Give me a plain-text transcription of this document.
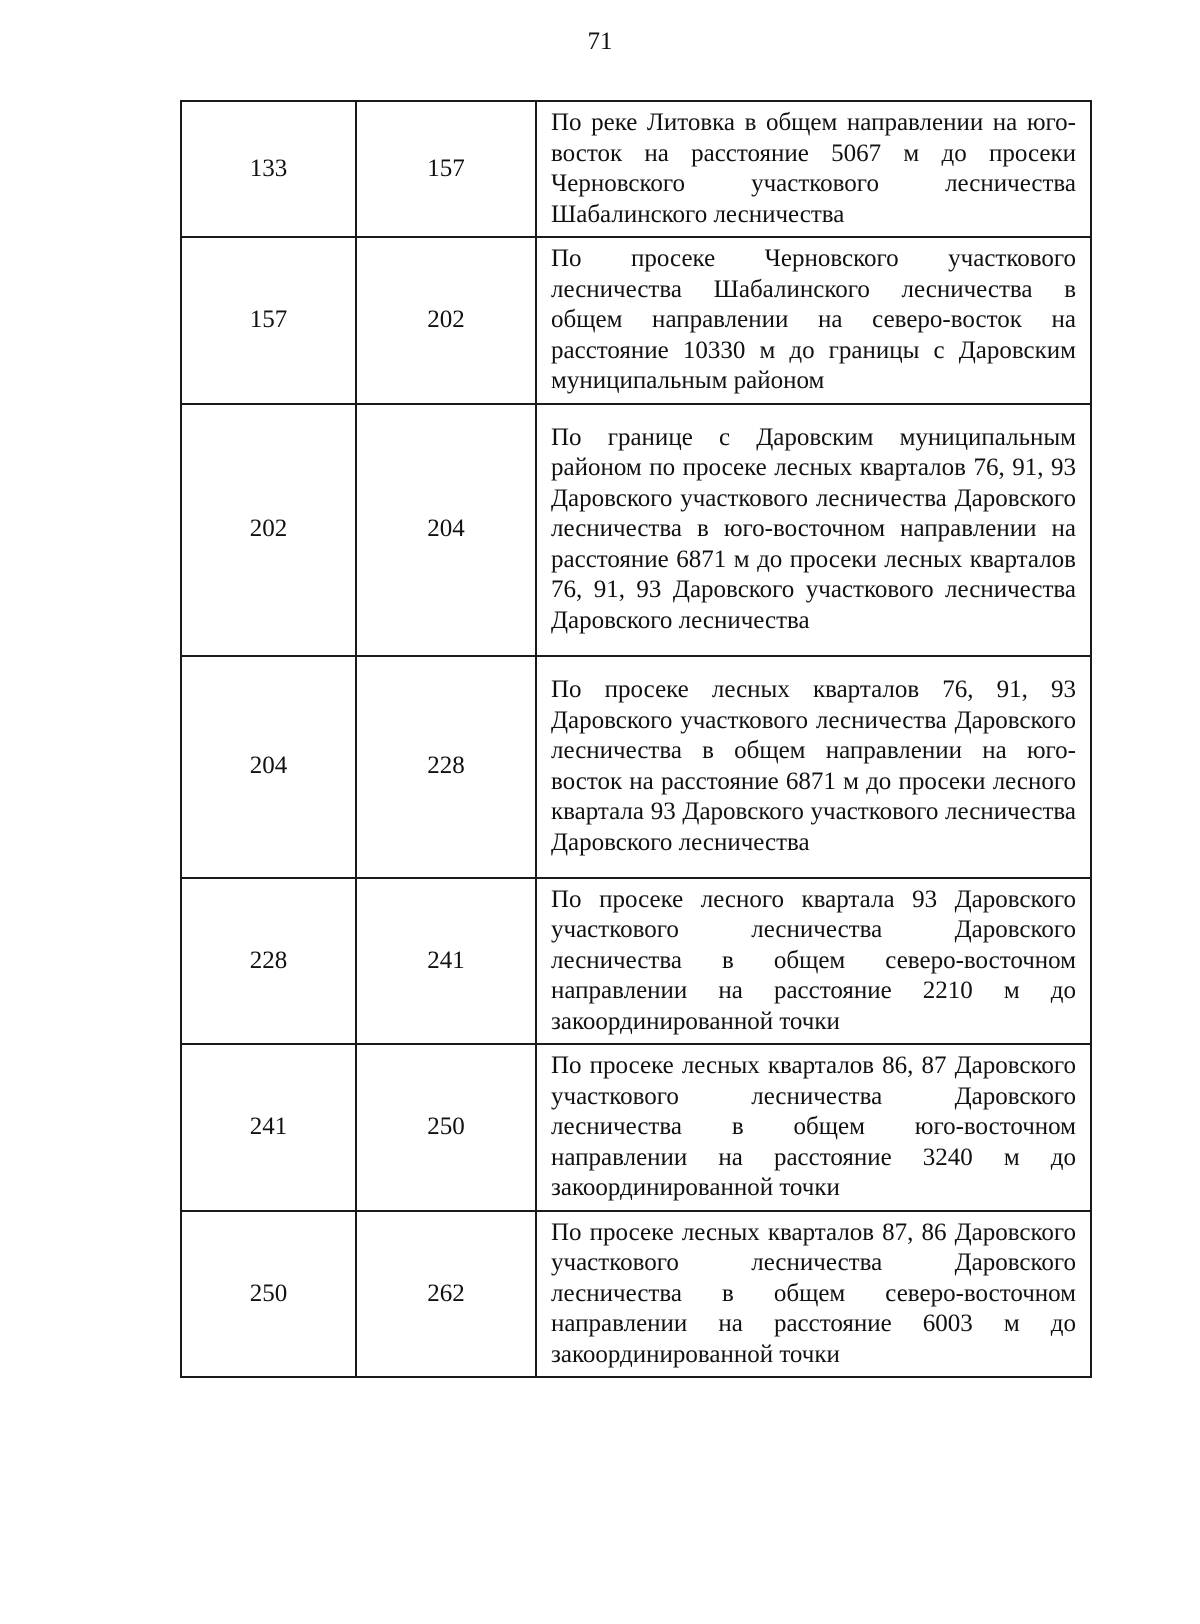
71
133	157	По реке Литовка в общем направлении на юго-восток на расстояние 5067 м до просеки Черновского участкового лесничества Шабалинского лесничества
157	202	По просеке Черновского участкового лесничества Шабалинского лесничества в общем направлении на северо-восток на расстояние 10330 м до границы с Даровским муниципальным районом
202	204	По границе с Даровским муниципальным районом по просеке лесных кварталов 76, 91, 93 Даровского участкового лесничества Даровского лесничества в юго-восточном направлении на расстояние 6871 м до просеки лесных кварталов 76, 91, 93 Даровского участкового лесничества Даровского лесничества
204	228	По просеке лесных кварталов 76, 91, 93 Даровского участкового лесничества Даровского лесничества в общем направлении на юго-восток на расстояние 6871 м до просеки лесного квартала 93 Даровского участкового лесничества Даровского лесничества
228	241	По просеке лесного квартала 93 Даровского участкового лесничества Даровского лесничества в общем северо-восточном направлении на расстояние 2210 м до закоординированной точки
241	250	По просеке лесных кварталов 86, 87 Даровского участкового лесничества Даровского лесничества в общем юго-восточном направлении на расстояние 3240 м до закоординированной точки
250	262	По просеке лесных кварталов 87, 86 Даровского участкового лесничества Даровского лесничества в общем северо-восточном направлении на расстояние 6003 м до закоординированной точки
